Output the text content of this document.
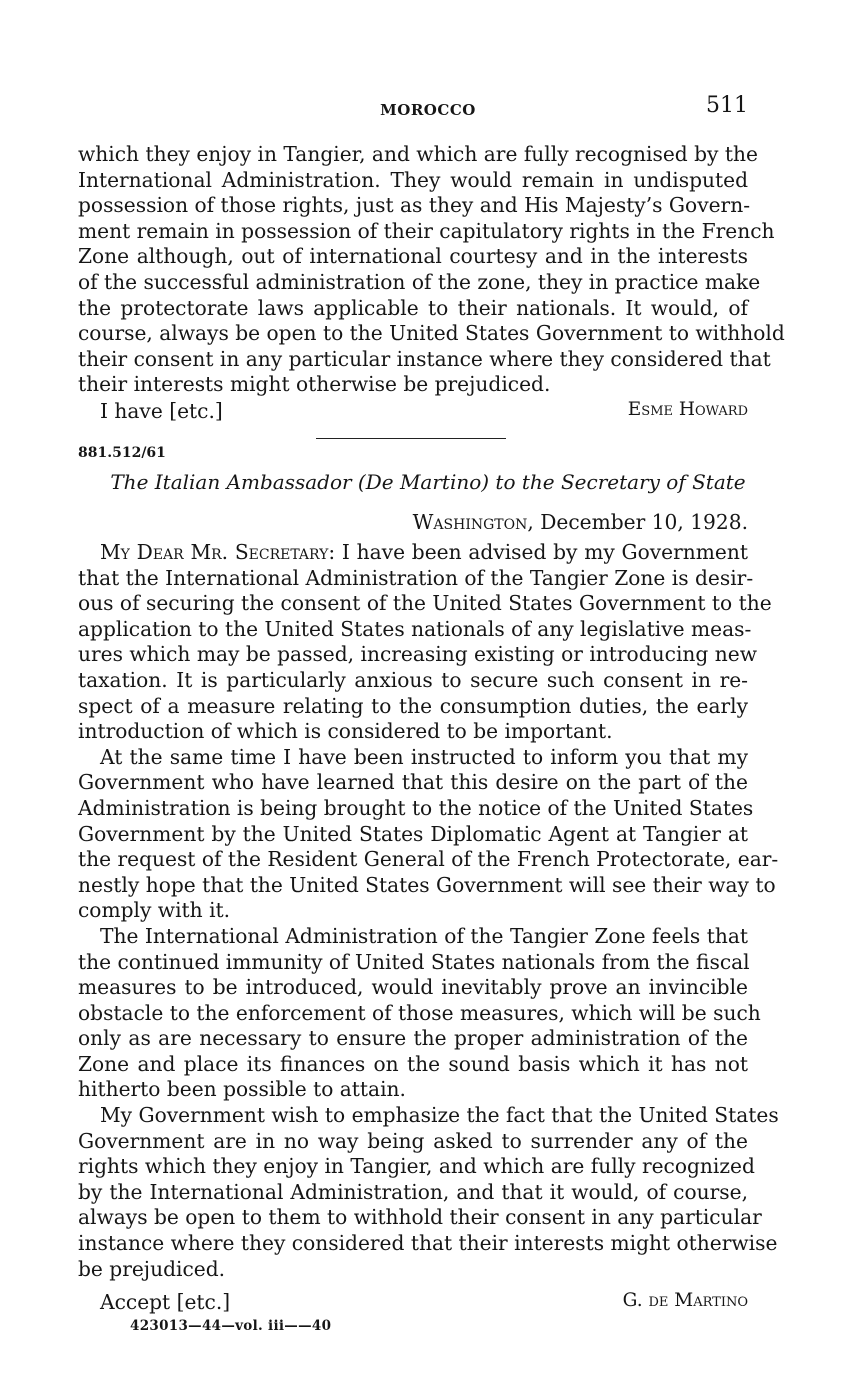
MOROCCO	511
which they enjoy in Tangier, and which are fully recognised by the
International Administration. They would remain in undisputed
possession of those rights, just as they and His Majesty’s Govern-
ment remain in possession of their capitulatory rights in the French
Zone although, out of international courtesy and in the interests
of the successful administration of the zone, they in practice make
the protectorate laws applicable to their nationals. It would, of
course, always be open to the United States Government to withhold
their consent in any particular instance where they considered that
their interests might otherwise be prejudiced.
I have [etc.]	Esme Howard
881.512/61
The Italian Ambassador (De Martino) to the Secretary of State
Washington, December 10, 1928.
My Dear Mr. Secretary: I have been advised by my Government
that the International Administration of the Tangier Zone is desir-
ous of securing the consent of the United States Government to the
application to the United States nationals of any legislative meas-
ures which may be passed, increasing existing or introducing new
taxation. It is particularly anxious to secure such consent in re-
spect of a measure relating to the consumption duties, the early
introduction of which is considered to be important.
At the same time I have been instructed to inform you that my
Government who have learned that this desire on the part of the
Administration is being brought to the notice of the United States
Government by the United States Diplomatic Agent at Tangier at
the request of the Resident General of the French Protectorate, ear-
nestly hope that the United States Government will see their way to
comply with it.
The International Administration of the Tangier Zone feels that
the continued immunity of United States nationals from the fiscal
measures to be introduced, would inevitably prove an invincible
obstacle to the enforcement of those measures, which will be such
only as are necessary to ensure the proper administration of the
Zone and place its finances on the sound basis which it has not
hitherto been possible to attain.
My Government wish to emphasize the fact that the United States
Government are in no way being asked to surrender any of the
rights which they enjoy in Tangier, and which are fully recognized
by the International Administration, and that it would, of course,
always be open to them to withhold their consent in any particular
instance where they considered that their interests might otherwise
be prejudiced.
Accept [etc.]	G. de Martino
423013—44—vol. iii——40
